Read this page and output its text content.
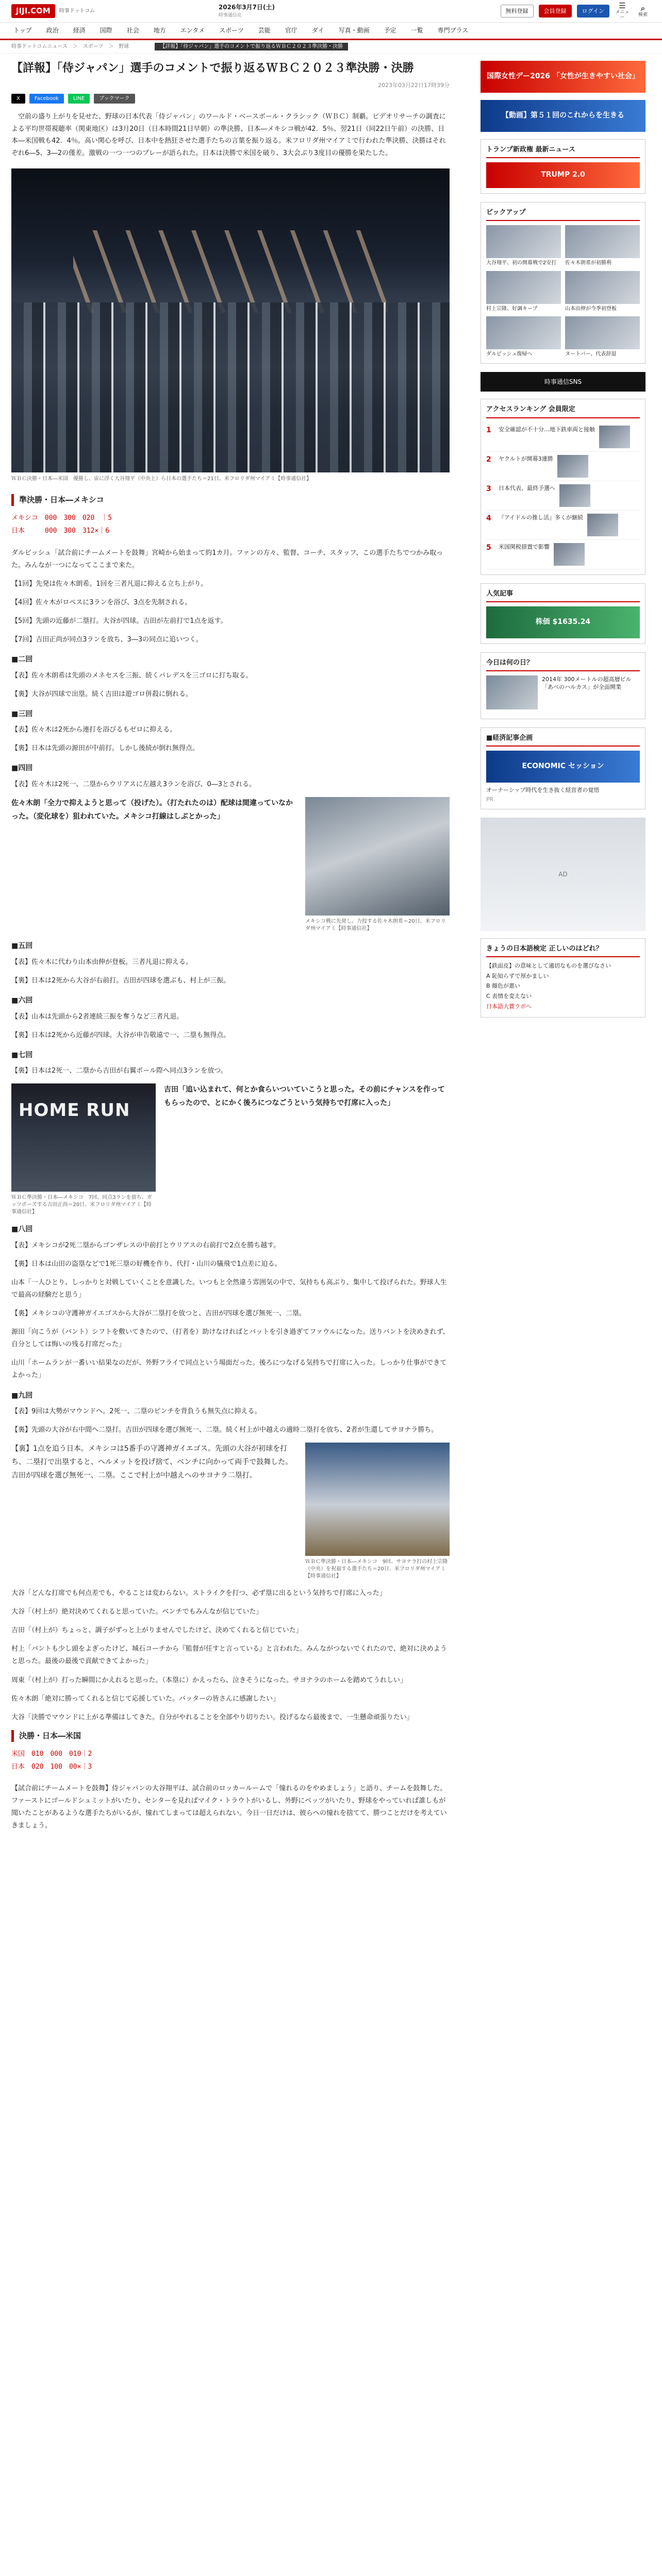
JIJI.COM	時事ドットコム	2026年3月7日(土)
時事通信社
無料登録	会員登録	ログイン
☰
メニュー
⌕
検索
トップ	政治	経済	国際	社会	地方	エンタメ	スポーツ	芸能	官庁	ダイ	写真・動画	予定	一覧	専門プラス
時事ドットコムニュース ＞ スポーツ ＞ 野球	【詳報】「侍ジャパン」選手のコメントで振り返るＷＢＣ２０２３準決勝・決勝
【詳報】「侍ジャパン」選手のコメントで振り返るＷＢＣ２０２３準決勝・決勝
2023年03月22日17時39分
X	Facebook	LINE	ブックマーク

　空前の盛り上がりを見せた、野球の日本代表「侍ジャパン」のワールド・ベースボール・クラシック（ＷＢＣ）制覇。ビデオリサーチの調査による平均世帯視聴率（関東地区）は3月20日（日本時間21日早朝）の準決勝、日本―メキシコ戦が42．5％、翌21日（同22日午前）の決勝、日本―米国戦も42．4％。高い関心を呼び、日本中を熱狂させた選手たちの言葉を振り返る。米フロリダ州マイアミで行われた準決勝、決勝はそれぞれ6―5、3―2の僅差。激戦の一つ一つのプレーが語られた。日本は決勝で米国を破り、3大会ぶり3度目の優勝を果たした。

ＷＢＣ決勝・日本―米国　優勝し、宙に浮く大谷翔平（中央上）ら日本の選手たち＝21日、米フロリダ州マイアミ【時事通信社】

準決勝・日本―メキシコ
メキシコ　000　300　020　｜5
日本　　　000　300　312×｜6

ダルビッシュ「試合前にチームメートを鼓舞」宮崎から始まって約1カ月。ファンの方々、監督、コーチ、スタッフ、この選手たちでつかみ取った。みんなが一つになってここまで来た。

【1回】先発は佐々木朗希。1回を三者凡退に抑える立ち上がり。

【4回】佐々木がロペスに3ランを浴び、3点を先制される。

【5回】先頭の近藤が二塁打。大谷が四球。吉田が左前打で1点を返す。

【7回】吉田正尚が同点3ランを放ち、3―3の同点に追いつく。

■二回

【表】佐々木朗希は先頭のメネセスを三振、続くパレデスを三ゴロに打ち取る。

【裏】大谷が四球で出塁。続く吉田は遊ゴロ併殺に倒れる。

■三回

【表】佐々木は2死から連打を浴びるもゼロに抑える。

【裏】日本は先頭の源田が中前打。しかし後続が倒れ無得点。

■四回

【表】佐々木は2死一、二塁からウリアスに左越え3ランを浴び、0―3とされる。

佐々木朗「全力で抑えようと思って（投げた）。（打たれたのは）配球は間違っていなかった。（変化球を）狙われていた。メキシコ打線はしぶとかった」

メキシコ戦に先発し、力投する佐々木朗希＝20日、米フロリダ州マイアミ【時事通信社】

■五回

【表】佐々木に代わり山本由伸が登板。三者凡退に抑える。

【裏】日本は2死から大谷が右前打。吉田が四球を選ぶも、村上が三振。

■六回

【表】山本は先頭から2者連続三振を奪うなど三者凡退。

【裏】日本は2死から近藤が四球。大谷が申告敬遠で一、二塁も無得点。

■七回

【裏】日本は2死一、二塁から吉田が右翼ポール際へ同点3ランを放つ。

HOME RUN

ＷＢＣ準決勝・日本―メキシコ　7回、同点3ランを放ち、ガッツポーズする吉田正尚＝20日、米フロリダ州マイアミ【時事通信社】

吉田「追い込まれて、何とか食らいついていこうと思った。その前にチャンスを作ってもらったので、とにかく後ろにつなごうという気持ちで打席に入った」
■八回

【表】メキシコが2死二塁からゴンザレスの中前打とウリアスの右前打で2点を勝ち越す。

【裏】日本は山田の盗塁などで1死三塁の好機を作り、代打・山川の犠飛で1点差に迫る。

山本「一人ひとり、しっかりと対戦していくことを意識した。いつもと全然違う雰囲気の中で、気持ちも高ぶり、集中して投げられた。野球人生で最高の経験だと思う」

【裏】メキシコの守護神ガイエゴスから大谷が二塁打を放つと、吉田が四球を選び無死一、二塁。

源田「向こうが（バント）シフトを敷いてきたので、（打者を）助けなければとバットを引き過ぎてファウルになった。送りバントを決めきれず、自分としては悔いの残る打席だった」

山川「ホームランが一番いい結果なのだが、外野フライで同点という場面だった。後ろにつなげる気持ちで打席に入った。しっかり仕事ができてよかった」

■九回

【表】9回は大勢がマウンドへ。2死一、二塁のピンチを背負うも無失点に抑える。

【裏】先頭の大谷が右中間へ二塁打。吉田が四球を選び無死一、二塁。続く村上が中越えの適時二塁打を放ち、2者が生還してサヨナラ勝ち。

【裏】1点を追う日本。メキシコは5番手の守護神ガイエゴス。先頭の大谷が初球を打ち、二塁打で出塁すると、ヘルメットを投げ捨て、ベンチに向かって両手で鼓舞した。吉田が四球を選び無死一、二塁。ここで村上が中越えへのサヨナラ二塁打。

ＷＢＣ準決勝・日本―メキシコ　9回、サヨナラ打の村上宗隆（中央）を祝福する選手たち＝20日、米フロリダ州マイアミ【時事通信社】

大谷「どんな打席でも何点差でも、やることは変わらない。ストライクを打つ、必ず塁に出るという気持ちで打席に入った」

大谷「（村上が）絶対決めてくれると思っていた。ベンチでもみんなが信じていた」

吉田「（村上が）ちょっと、調子がずっと上がりませんでしたけど、決めてくれると信じていた」

村上「バントも少し頭をよぎったけど、城石コーチから『監督が任すと言っている』と言われた。みんながつないでくれたので、絶対に決めようと思った。最後の最後で貢献できてよかった」

周東「（村上が）打った瞬間にかえれると思った。（本塁に）かえったら、泣きそうになった。サヨナラのホームを踏めてうれしい」

佐々木朗「絶対に勝ってくれると信じて応援していた。バッターの皆さんに感謝したい」

大谷「決勝でマウンドに上がる準備はしてきた。自分がやれることを全部やり切りたい。投げるなら最後まで、一生懸命頑張りたい」

決勝・日本―米国
米国　010　000　010｜2
日本　020　100　00×｜3

【試合前にチームメートを鼓舞】侍ジャパンの大谷翔平は、試合前のロッカールームで「憧れるのをやめましょう」と語り、チームを鼓舞した。ファーストにゴールドシュミットがいたり、センターを見ればマイク・トラウトがいるし、外野にベッツがいたり、野球をやっていれば誰しもが聞いたことがあるような選手たちがいるが、憧れてしまっては超えられない。今日一日だけは、彼らへの憧れを捨てて、勝つことだけを考えていきましょう。

国際女性デー2026 「女性が生きやすい社会」
【動画】第５１回のこれからを生きる
トランプ新政権 最新ニュース
TRUMP 2.0
ピックアップ
大谷翔平、初の開幕戦で2安打	佐々木朗希が初勝利
村上宗隆、好調キープ	山本由伸が今季初登板
ダルビッシュ復帰へ	ヌートバー、代表辞退
時事通信SNS
アクセスランキング 会員限定
1	安全確認が不十分…地下鉄車両と接触
2	ヤクルトが開幕3連勝
3	日本代表、最終予選へ
4	『アイドルの推し活』多くが継続
5	米国関税措置で影響
人気記事
株価 $1635.24
今日は何の日？
2014年 300メートルの超高層ビル「あべのハルカス」が全面開業
■経済記事企画
ECONOMIC セッション

オーナーシップ時代を生き抜く経営者の覚悟

PR

AD
きょうの日本語検定 正しいのはどれ？

【鉄面皮】の意味として適切なものを選びなさい

A 恥知らずで厚かましい

B 顔色が悪い

C 表情を変えない

日本語大賞ラボへ
